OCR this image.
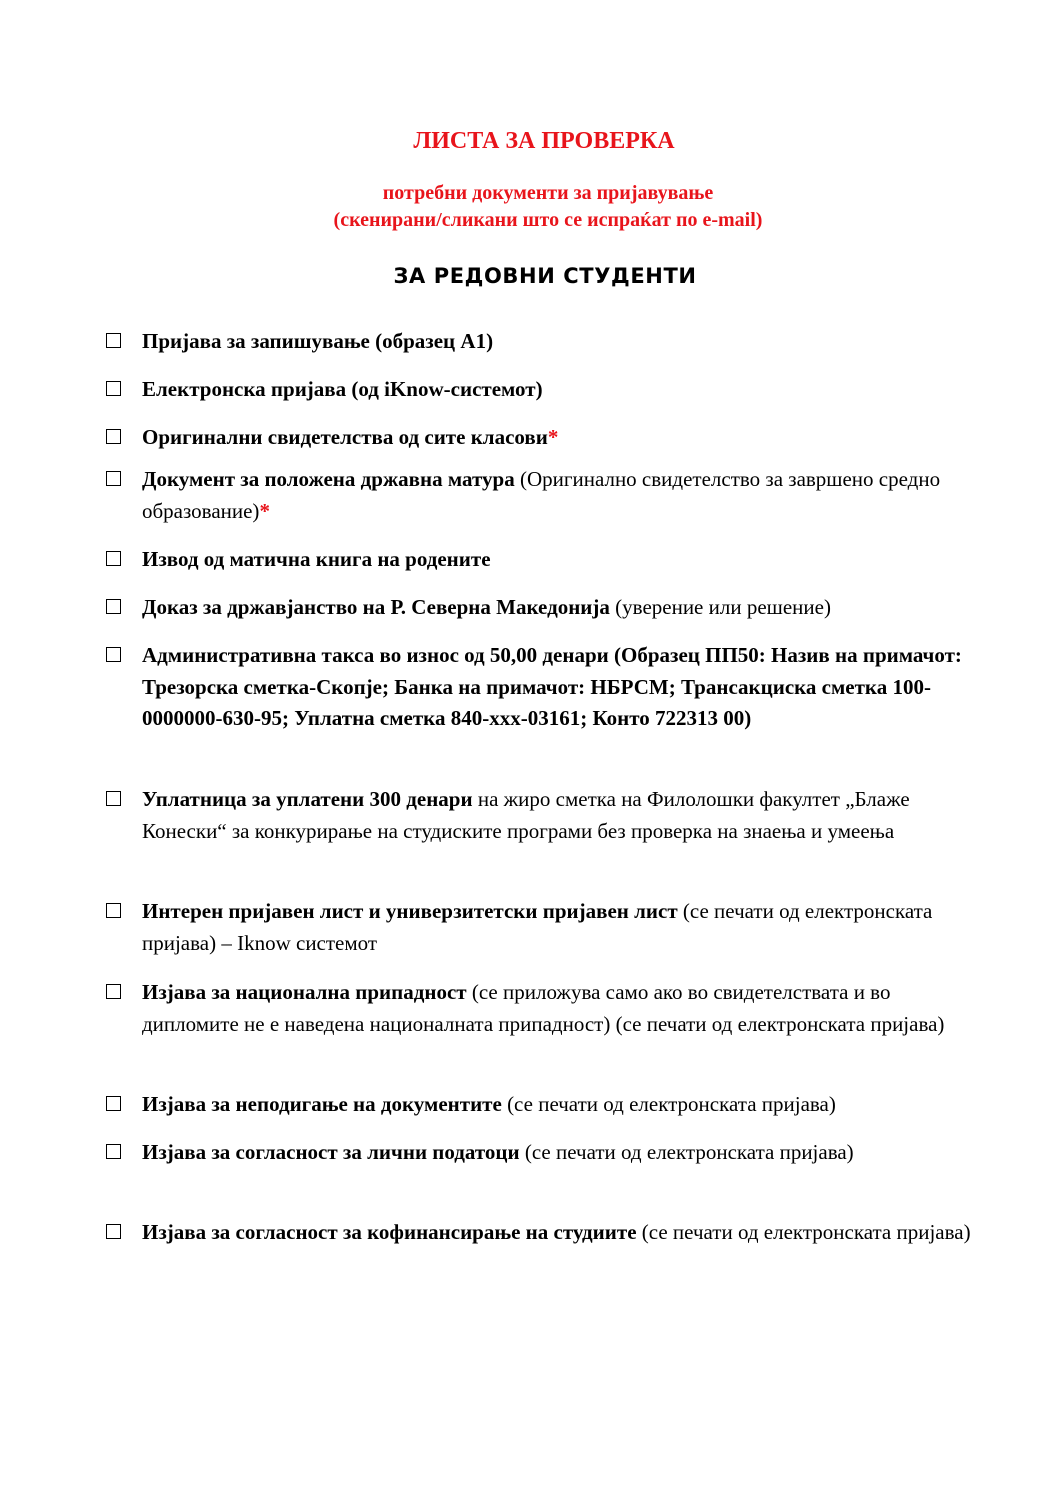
ЛИСТА ЗА ПРОВЕРКА
потребни документи за пријавување
(скенирани/сликани што се испраќат по e-mail)
ЗА РЕДОВНИ СТУДЕНТИ
Пријава за запишување (образец А1)
Електронска пријава (од iKnow-системот)
Оригинални свидетелства од сите класови*
Документ за положена државна матура (Оригинално свидетелство за завршено средно образование)*
Извод од матична книга на родените
Доказ за државјанство на Р. Северна Македонија (уверение или решение)
Административна такса во износ од 50,00 денари (Образец ПП50: Назив на примачот: Трезорска сметка-Скопје; Банка на примачот: НБРСМ; Трансакциска сметка 100-0000000-630-95; Уплатна сметка 840-xxx-03161; Конто 722313 00)
Уплатница за уплатени 300 денари на жиро сметка на Филолошки факултет „Блаже Конески“ за конкурирање на студиските програми без проверка на знаења и умеења
Интерен пријавен лист и универзитетски пријавен лист (се печати од електронската пријава) – Iknow системот
Изјава за национална припадност (се приложува само ако во свидетелствата и во дипломите не е наведена националната припадност) (се печати од електронската пријава)
Изјава за неподигање на документите (се печати од електронската пријава)
Изјава за согласност за лични податоци (се печати од електронската пријава)
Изјава за согласност за кофинансирање на студиите (се печати од електронската пријава)
